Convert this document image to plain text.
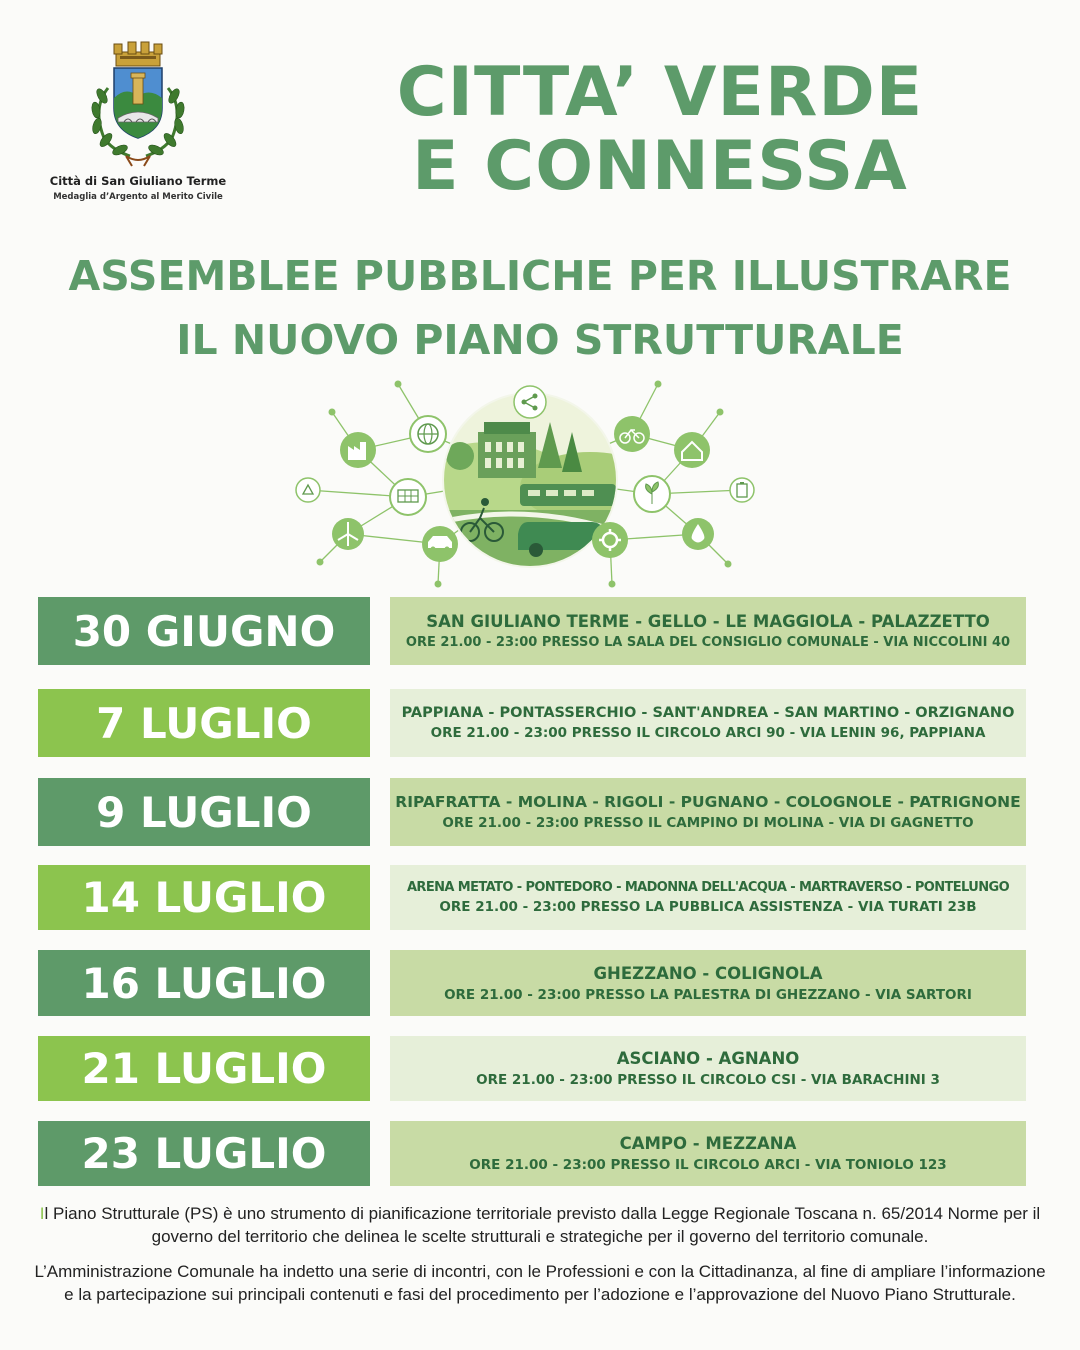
Città di San Giuliano Terme
Medaglia d’Argento al Merito Civile
CITTA’ VERDE
E CONNESSA
ASSEMBLEE PUBBLICHE PER ILLUSTRARE
IL NUOVO PIANO STRUTTURALE
30 GIUGNO	SAN GIULIANO TERME - GELLO - LE MAGGIOLA - PALAZZETTO
ORE 21.00 - 23:00 PRESSO LA SALA DEL CONSIGLIO COMUNALE - VIA NICCOLINI 40
7 LUGLIO	PAPPIANA - PONTASSERCHIO - SANT'ANDREA - SAN MARTINO - ORZIGNANO
ORE 21.00 - 23:00 PRESSO IL CIRCOLO ARCI 90 - VIA LENIN 96, PAPPIANA
9 LUGLIO	RIPAFRATTA - MOLINA - RIGOLI - PUGNANO - COLOGNOLE - PATRIGNONE
ORE 21.00 - 23:00 PRESSO IL CAMPINO DI MOLINA - VIA DI GAGNETTO
14 LUGLIO	ARENA METATO - PONTEDORO - MADONNA DELL'ACQUA - MARTRAVERSO - PONTELUNGO
ORE 21.00 - 23:00 PRESSO LA PUBBLICA ASSISTENZA - VIA TURATI 23B
16 LUGLIO	GHEZZANO - COLIGNOLA
ORE 21.00 - 23:00 PRESSO LA PALESTRA DI GHEZZANO - VIA SARTORI
21 LUGLIO	ASCIANO - AGNANO
ORE 21.00 - 23:00 PRESSO IL CIRCOLO CSI - VIA BARACHINI 3
23 LUGLIO	CAMPO - MEZZANA
ORE 21.00 - 23:00 PRESSO IL CIRCOLO ARCI - VIA TONIOLO 123

Il Piano Strutturale (PS) è uno strumento di pianificazione territoriale previsto dalla Legge Regionale Toscana n. 65/2014 Norme per il governo del territorio che delinea le scelte strutturali e strategiche per il governo del territorio comunale.

L’Amministrazione Comunale ha indetto una serie di incontri, con le Professioni e con la Cittadinanza, al fine di ampliare l’informazione e la partecipazione sui principali contenuti e fasi del procedimento per l’adozione e l’approvazione del Nuovo Piano Strutturale.
